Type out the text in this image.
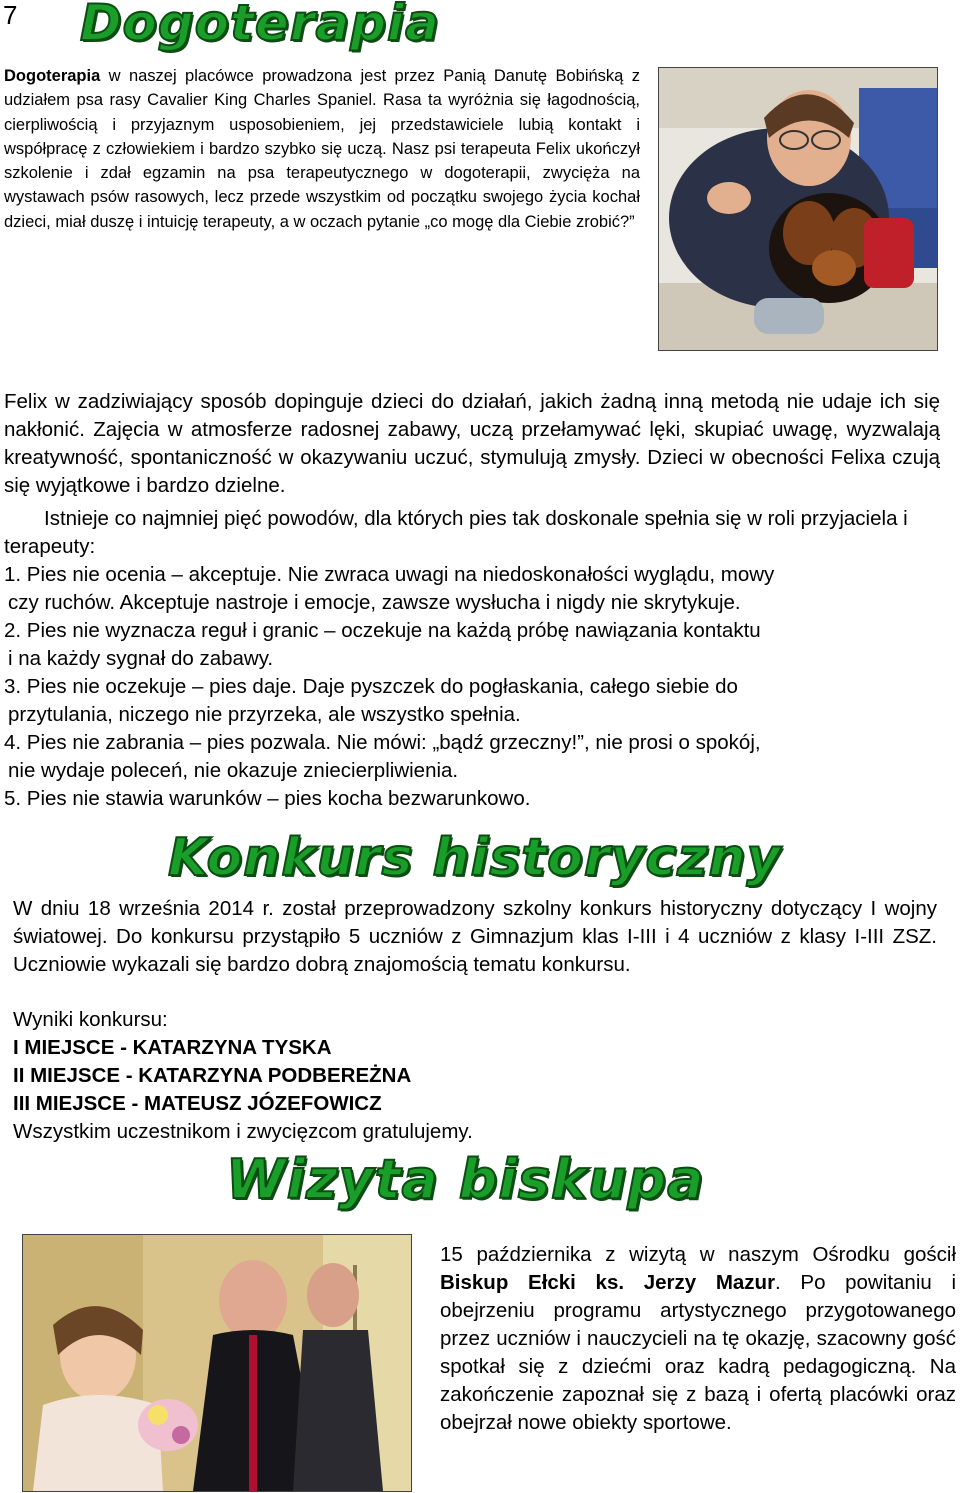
7 Dogoterapia
Dogoterapia w naszej placówce prowadzona jest przez Panią Danutę Bobińską z udziałem psa rasy Cavalier King Charles Spaniel. Rasa ta wyróżnia się łagodnością, cierpliwością i przyjaznym usposobieniem, jej przedstawiciele lubią kontakt i współpracę z człowiekiem i bardzo szybko się uczą. Nasz psi terapeuta Felix ukończył szkolenie i zdał egzamin na psa terapeutycznego w dogoterapii, zwycięża na wystawach psów rasowych, lecz przede wszystkim od początku swojego życia kochał dzieci, miał duszę i intuicję terapeuty, a w oczach pytanie „co mogę dla Ciebie zrobić?”
Felix w zadziwiający sposób dopinguje dzieci do działań, jakich żadną inną metodą nie udaje ich się nakłonić. Zajęcia w atmosferze radosnej zabawy, uczą przełamywać lęki, skupiać uwagę, wyzwalają kreatywność, spontaniczność w okazywaniu uczuć, stymulują zmysły. Dzieci w obecności Felixa czują się wyjątkowe i bardzo dzielne.
Istnieje co najmniej pięć powodów, dla których pies tak doskonale spełnia się w roli przyjaciela i terapeuty:
1. Pies nie ocenia – akceptuje. Nie zwraca uwagi na niedoskonałości wyglądu, mowy
czy ruchów. Akceptuje nastroje i emocje, zawsze wysłucha i nigdy nie skrytykuje.
2. Pies nie wyznacza reguł i granic – oczekuje na każdą próbę nawiązania kontaktu
i na każdy sygnał do zabawy.
3. Pies nie oczekuje – pies daje. Daje pyszczek do pogłaskania, całego siebie do
przytulania, niczego nie przyrzeka, ale wszystko spełnia.
4. Pies nie zabrania – pies pozwala. Nie mówi: „bądź grzeczny!”, nie prosi o spokój,
nie wydaje poleceń, nie okazuje zniecierpliwienia.
5. Pies nie stawia warunków – pies kocha bezwarunkowo.
Konkurs historyczny
W dniu 18 września 2014 r. został przeprowadzony szkolny konkurs historyczny dotyczący I wojny światowej. Do konkursu przystąpiło 5 uczniów z Gimnazjum klas I-III i 4 uczniów z klasy I-III ZSZ. Uczniowie wykazali się bardzo dobrą znajomością tematu konkursu.
Wyniki konkursu:
I MIEJSCE - KATARZYNA TYSKA
II MIEJSCE - KATARZYNA PODBEREŻNA
III MIEJSCE - MATEUSZ JÓZEFOWICZ
Wszystkim uczestnikom i zwycięzcom gratulujemy.
Wizyta biskupa
15 października z wizytą w naszym Ośrodku gościł Biskup Ełcki ks. Jerzy Mazur. Po powitaniu i obejrzeniu programu artystycznego przygotowanego przez uczniów i nauczycieli na tę okazję, szacowny gość spotkał się z dziećmi oraz kadrą pedagogiczną. Na zakończenie zapoznał się z bazą i ofertą placówki oraz obejrzał nowe obiekty sportowe.
